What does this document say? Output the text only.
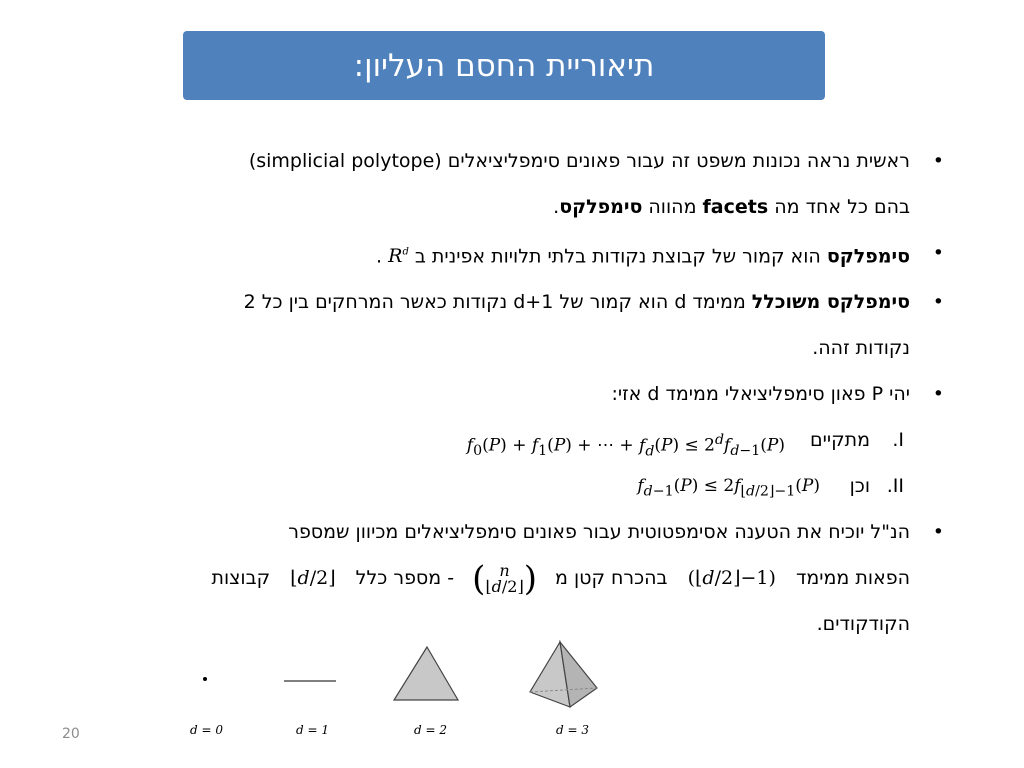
תיאוריית החסם העליון:
• ראשית נראה נכונות משפט זה עבור פאונים סימפליציאלים (simplicial polytope)
בהם כל אחד מה facets מהווה סימפלקס.
• סימפלקס הוא קמור של קבוצת נקודות בלתי תלויות אפינית ב $R^d$ .
• סימפלקס משוכלל ממימד d הוא קמור של d+1 נקודות כאשר המרחקים בין כל 2
נקודות זהה.
• יהי P פאון סימפליציאלי ממימד d אזי:
I.
מתקיים
$f_0(P) + f_1(P)$ + ⋯ + $f_d(P) \le 2^df_{d-1}(P)$
II.
וכן
$f_{d-1}(P) \le 2f_{⌊d/2⌋-1}(P)$
• הנ"ל יוכיח את הטענה אסימפטוטית עבור פאונים סימפליציאלים מכיוון שמספר
הפאות ממימד (⌊d/2⌋−1) בהכרח קטן מ ( n
⌊d/2⌋) - מספר כלל ⌊d/2⌋ קבוצות
הקודקודים.
d = 0	d = 1	d = 2	d = 3
20
